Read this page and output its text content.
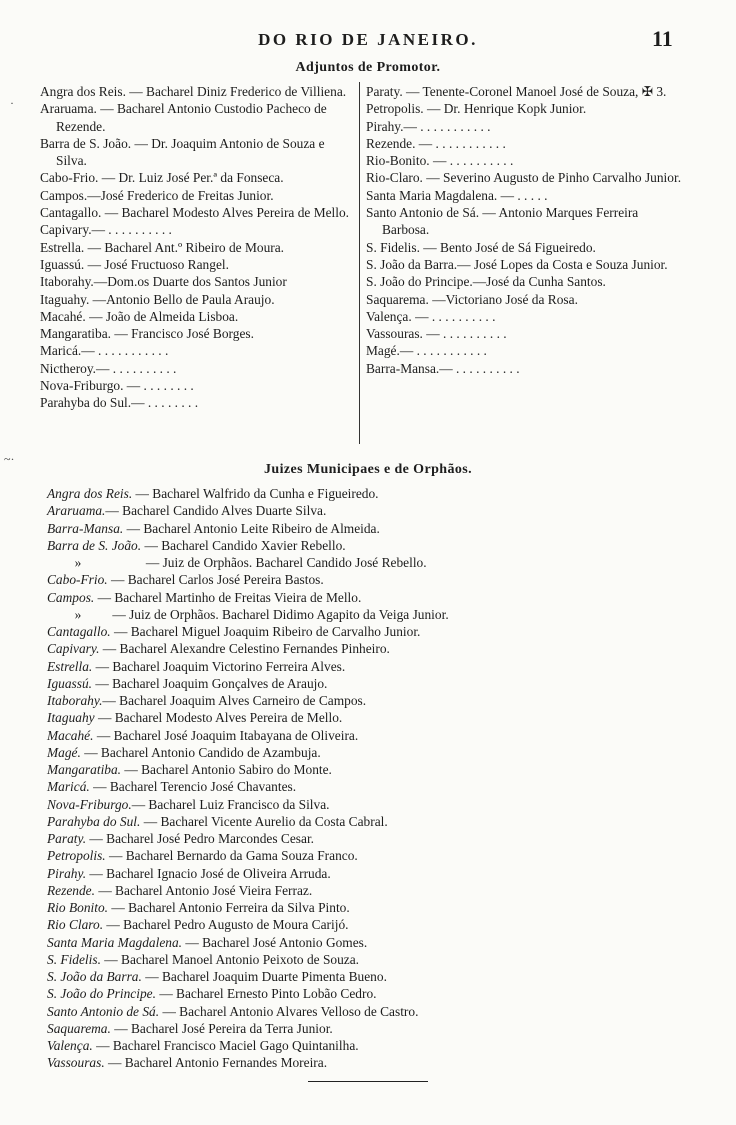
DO RIO DE JANEIRO.	11
Adjuntos de Promotor.
Angra dos Reis. — Bacharel Diniz Frederico de Villiena.
Araruama. — Bacharel Antonio Custodio Pacheco de Rezende.
Barra de S. João. — Dr. Joaquim Antonio de Souza e Silva.
Cabo-Frio. — Dr. Luiz José Per.ª da Fonseca.
Campos.—José Frederico de Freitas Junior.
Cantagallo. — Bacharel Modesto Alves Pereira de Mello.
Capivary.— . . . . . . . . . .
Estrella. — Bacharel Ant.º Ribeiro de Moura.
Iguassú. — José Fructuoso Rangel.
Itaborahy.—Dom.os Duarte dos Santos Junior
Itaguahy. —Antonio Bello de Paula Araujo.
Macahé. — João de Almeida Lisboa.
Mangaratiba. — Francisco José Borges.
Maricá.— . . . . . . . . . . .
Nictheroy.— . . . . . . . . . .
Nova-Friburgo. — . . . . . . . .
Parahyba do Sul.— . . . . . . . .
Paraty. — Tenente-Coronel Manoel José de Souza, ✠ 3.
Petropolis. — Dr. Henrique Kopk Junior.
Pirahy.— . . . . . . . . . . .
Rezende. — . . . . . . . . . . .
Rio-Bonito. — . . . . . . . . . .
Rio-Claro. — Severino Augusto de Pinho Carvalho Junior.
Santa Maria Magdalena. — . . . . .
Santo Antonio de Sá. — Antonio Marques Ferreira Barbosa.
S. Fidelis. — Bento José de Sá Figueiredo.
S. João da Barra.— José Lopes da Costa e Souza Junior.
S. João do Principe.—José da Cunha Santos.
Saquarema. —Victoriano José da Rosa.
Valença. — . . . . . . . . . .
Vassouras. — . . . . . . . . . .
Magé.— . . . . . . . . . . .
Barra-Mansa.— . . . . . . . . . .
Juizes Municipaes e de Orphãos.
Angra dos Reis. — Bacharel Walfrido da Cunha e Figueiredo.
Araruama.— Bacharel Candido Alves Duarte Silva.
Barra-Mansa. — Bacharel Antonio Leite Ribeiro de Almeida.
Barra de S. João. — Bacharel Candido Xavier Rebello.
»           — Juiz de Orphãos. Bacharel Candido José Rebello.
Cabo-Frio. — Bacharel Carlos José Pereira Bastos.
Campos. — Bacharel Martinho de Freitas Vieira de Mello.
» — Juiz de Orphãos. Bacharel Didimo Agapito da Veiga Junior.
Cantagallo. — Bacharel Miguel Joaquim Ribeiro de Carvalho Junior.
Capivary. — Bacharel Alexandre Celestino Fernandes Pinheiro.
Estrella. — Bacharel Joaquim Victorino Ferreira Alves.
Iguassú. — Bacharel Joaquim Gonçalves de Araujo.
Itaborahy.— Bacharel Joaquim Alves Carneiro de Campos.
Itaguahy — Bacharel Modesto Alves Pereira de Mello.
Macahé. — Bacharel José Joaquim Itabayana de Oliveira.
Magé. — Bacharel Antonio Candido de Azambuja.
Mangaratiba. — Bacharel Antonio Sabiro do Monte.
Maricá. — Bacharel Terencio José Chavantes.
Nova-Friburgo.— Bacharel Luiz Francisco da Silva.
Parahyba do Sul. — Bacharel Vicente Aurelio da Costa Cabral.
Paraty. — Bacharel José Pedro Marcondes Cesar.
Petropolis. — Bacharel Bernardo da Gama Souza Franco.
Pirahy. — Bacharel Ignacio José de Oliveira Arruda.
Rezende. — Bacharel Antonio José Vieira Ferraz.
Rio Bonito. — Bacharel Antonio Ferreira da Silva Pinto.
Rio Claro. — Bacharel Pedro Augusto de Moura Carijó.
Santa Maria Magdalena. — Bacharel José Antonio Gomes.
S. Fidelis. — Bacharel Manoel Antonio Peixoto de Souza.
S. João da Barra. — Bacharel Joaquim Duarte Pimenta Bueno.
S. João do Principe. — Bacharel Ernesto Pinto Lobão Cedro.
Santo Antonio de Sá. — Bacharel Antonio Alvares Velloso de Castro.
Saquarema. — Bacharel José Pereira da Terra Junior.
Valença. — Bacharel Francisco Maciel Gago Quintanilha.
Vassouras. — Bacharel Antonio Fernandes Moreira.
·
~·
